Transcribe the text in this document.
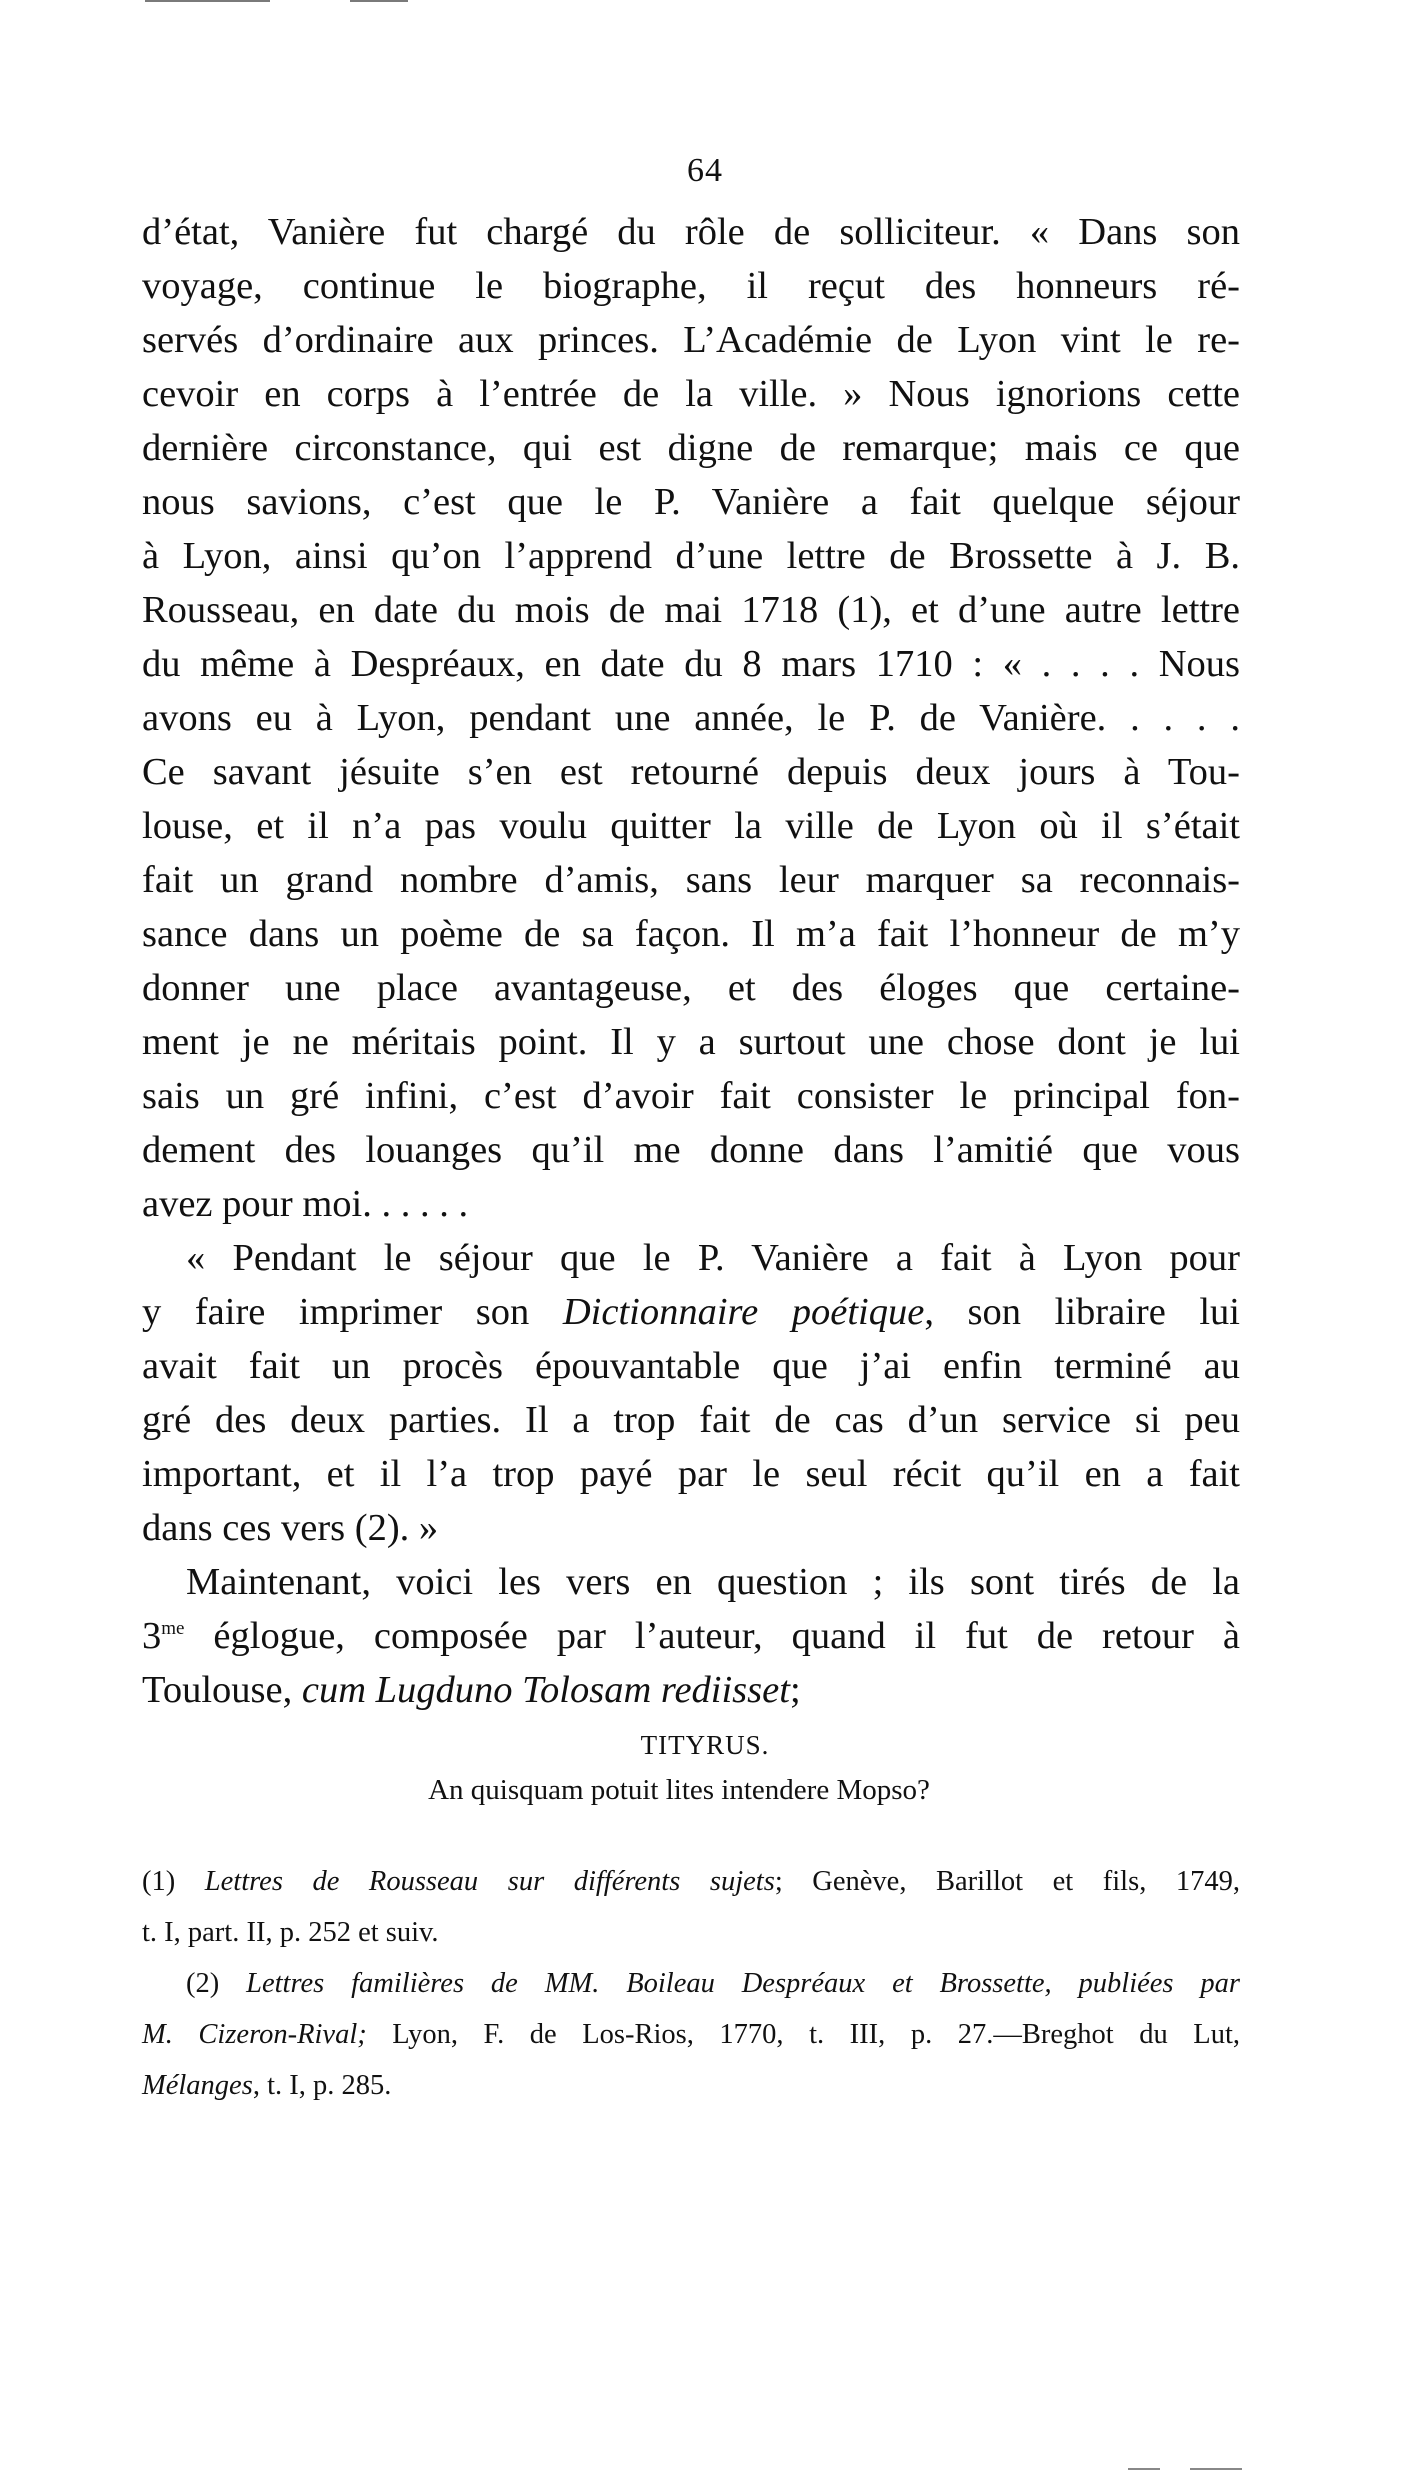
64
d’état, Vanière fut chargé du rôle de solliciteur. « Dans son
voyage, continue le biographe, il reçut des honneurs ré-
servés d’ordinaire aux princes. L’Académie de Lyon vint le re-
cevoir en corps à l’entrée de la ville. » Nous ignorions cette
dernière circonstance, qui est digne de remarque; mais ce que
nous savions, c’est que le P. Vanière a fait quelque séjour
à Lyon, ainsi qu’on l’apprend d’une lettre de Brossette à J. B.
Rousseau, en date du mois de mai 1718 (1), et d’une autre lettre
du même à Despréaux, en date du 8 mars 1710 : « . . . . Nous
avons eu à Lyon, pendant une année, le P. de Vanière. . . . .
Ce savant jésuite s’en est retourné depuis deux jours à Tou-
louse, et il n’a pas voulu quitter la ville de Lyon où il s’était
fait un grand nombre d’amis, sans leur marquer sa reconnais-
sance dans un poème de sa façon. Il m’a fait l’honneur de m’y
donner une place avantageuse, et des éloges que certaine-
ment je ne méritais point. Il y a surtout une chose dont je lui
sais un gré infini, c’est d’avoir fait consister le principal fon-
dement des louanges qu’il me donne dans l’amitié que vous
avez pour moi. . . . . .
« Pendant le séjour que le P. Vanière a fait à Lyon pour
y faire imprimer son Dictionnaire poétique, son libraire lui
avait fait un procès épouvantable que j’ai enfin terminé au
gré des deux parties. Il a trop fait de cas d’un service si peu
important, et il l’a trop payé par le seul récit qu’il en a fait
dans ces vers (2). »
Maintenant, voici les vers en question ; ils sont tirés de la
$3^{me}$ églogue, composée par l’auteur, quand il fut de retour à
Toulouse, cum Lugduno Tolosam rediisset;
TITYRUS.
An quisquam potuit lites intendere Mopso?
(1) Lettres de Rousseau sur différents sujets; Genève, Barillot et fils, 1749,
t. I, part. II, p. 252 et suiv.
(2) Lettres familières de MM. Boileau Despréaux et Brossette, publiées par
M. Cizeron-Rival; Lyon, F. de Los-Rios, 1770, t. III, p. 27.—Breghot du Lut,
Mélanges, t. I, p. 285.
